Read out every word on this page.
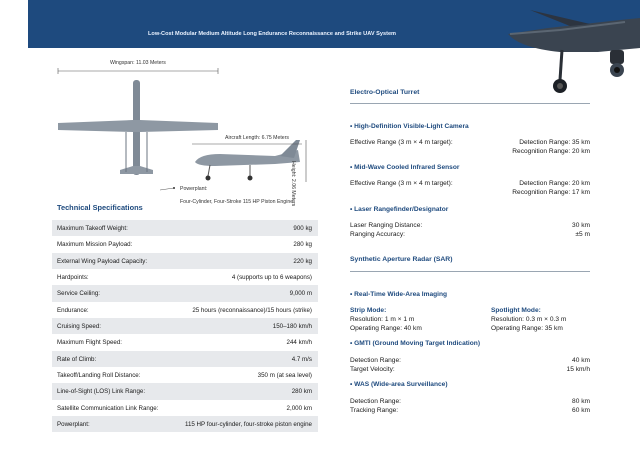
Low-Cost Modular Medium Altitude Long Endurance Reconnaissance and Strike UAV System
Wingspan: 11.03 Meters
Aircraft Length: 6.75 Meters
Height: 2.06 Meters
Powerplant:
Four-Cylinder, Four-Stroke 115 HP Piston Engine
Technical Specifications
Maximum Takeoff Weight:	900 kg
Maximum Mission Payload:	280 kg
External Wing Payload Capacity:	220 kg
Hardpoints:	4 (supports up to 6 weapons)
Service Ceiling:	9,000 m
Endurance:	25 hours (reconnaissance)/15 hours (strike)
Cruising Speed:	150–180 km/h
Maximum Flight Speed:	244 km/h
Rate of Climb:	4.7 m/s
Takeoff/Landing Roll Distance:	350 m (at sea level)
Line-of-Sight (LOS) Link Range:	280 km
Satellite Communication Link Range:	2,000 km
Powerplant:	115 HP four-cylinder, four-stroke piston engine
Electro-Optical Turret
• High-Definition Visible-Light Camera
Effective Range (3 m × 4 m target):	Detection Range: 35 km
Recognition Range: 20 km
• Mid-Wave Cooled Infrared Sensor
Effective Range (3 m × 4 m target):	Detection Range: 20 km
Recognition Range: 17 km
• Laser Rangefinder/Designator
Laser Ranging Distance:	30 km
Ranging Accuracy:	±5 m
Synthetic Aperture Radar (SAR)
• Real-Time Wide-Area Imaging
Strip Mode:
Resolution: 1 m × 1 m
Operating Range: 40 km
Spotlight Mode:
Resolution: 0.3 m × 0.3 m
Operating Range: 35 km
• GMTI (Ground Moving Target Indication)
Detection Range:	40 km
Target Velocity:	15 km/h
• WAS (Wide-area Surveillance)
Detection Range:	80 km
Tracking Range:	60 km
